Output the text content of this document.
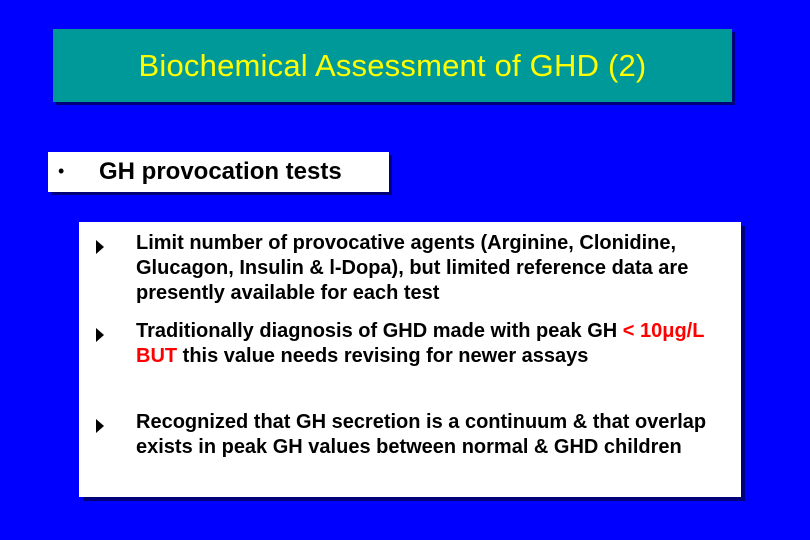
Biochemical Assessment of GHD (2)
• GH provocation tests
Limit number of provocative agents (Arginine, Clonidine, Glucagon, Insulin & l-Dopa), but limited reference data are presently available for each test
Traditionally diagnosis of GHD made with peak GH < 10μg/L BUT this value needs revising for newer assays
Recognized that GH secretion is a continuum & that overlap exists in peak GH values between normal & GHD children
